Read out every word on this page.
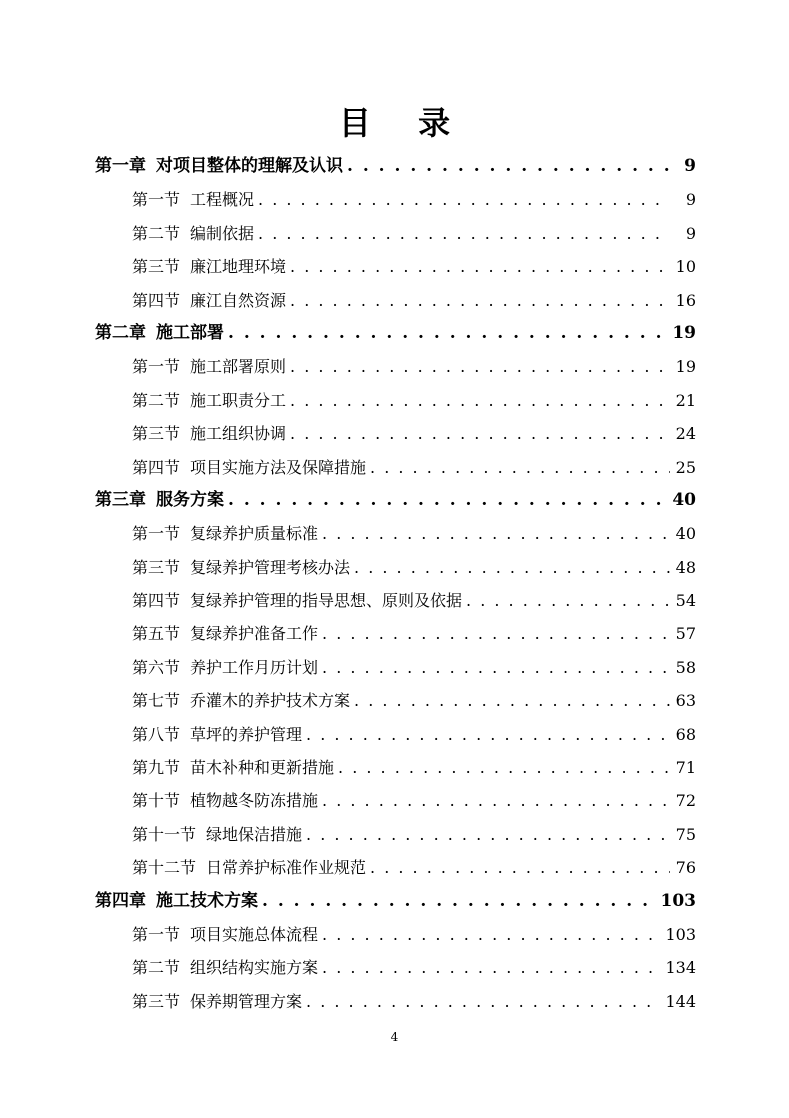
目 录
第一章 对项目整体的理解及认识 . . .	9
第一节 工程概况 . . .	9
第二节 编制依据 . . .	9
第三节 廉江地理环境 . . .	10
第四节 廉江自然资源 . . .	16
第二章 施工部署 . . .	19
第一节 施工部署原则 . . .	19
第二节 施工职责分工 . . .	21
第三节 施工组织协调 . . .	24
第四节 项目实施方法及保障措施 . . .	25
第三章 服务方案 . . .	40
第一节 复绿养护质量标准 . . .	40
第三节 复绿养护管理考核办法 . . .	48
第四节 复绿养护管理的指导思想、原则及依据 . . .	54
第五节 复绿养护准备工作 . . .	57
第六节 养护工作月历计划 . . .	58
第七节 乔灌木的养护技术方案 . . .	63
第八节 草坪的养护管理 . . .	68
第九节 苗木补种和更新措施 . . .	71
第十节 植物越冬防冻措施 . . .	72
第十一节 绿地保洁措施 . . .	75
第十二节 日常养护标准作业规范 . . .	76
第四章 施工技术方案 . . .	103
第一节 项目实施总体流程 . . .	103
第二节 组织结构实施方案 . . .	134
第三节 保养期管理方案 . . .	144
4
